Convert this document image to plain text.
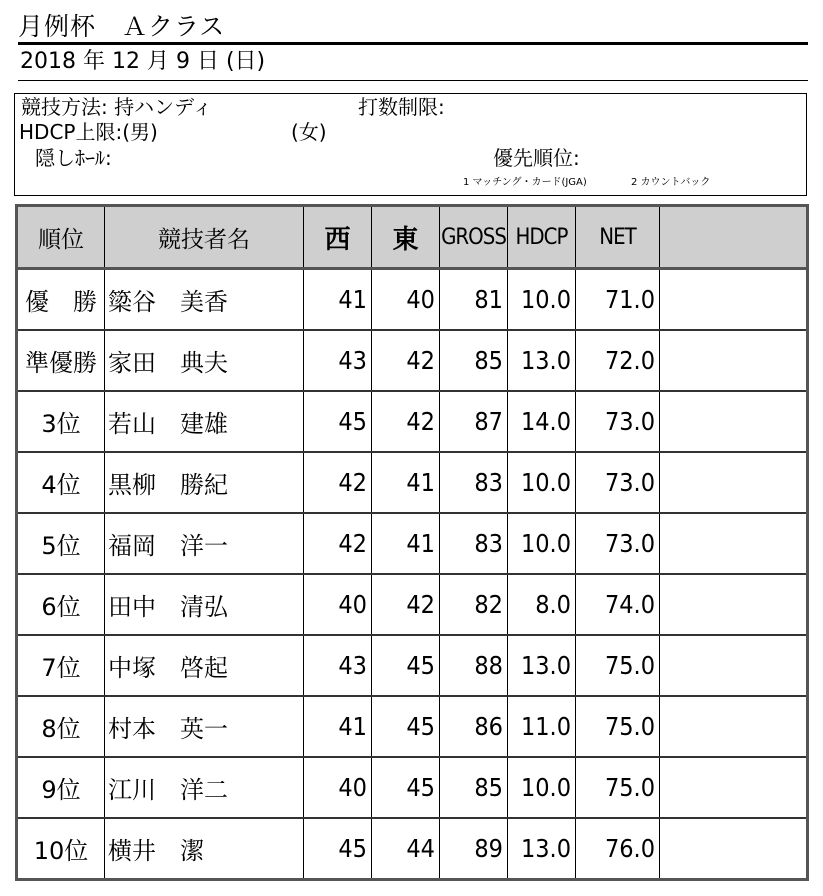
月例杯　Ａクラス
2018 年 12 月 9 日 (日)
競技方法: 持ハンディ	打数制限:
HDCP上限:(男)	(女)
隠しﾎｰﾙ:	優先順位:
1 マッチング・カード(JGA)	2 カウントバック
順位	競技者名	西	東	GROSS	HDCP	NET	
優　勝	簗谷　美香	41	40	81	10.0	71.0	
準優勝	家田　典夫	43	42	85	13.0	72.0	
3位	若山　建雄	45	42	87	14.0	73.0	
4位	黒柳　勝紀	42	41	83	10.0	73.0	
5位	福岡　洋一	42	41	83	10.0	73.0	
6位	田中　清弘	40	42	82	8.0	74.0	
7位	中塚　啓起	43	45	88	13.0	75.0	
8位	村本　英一	41	45	86	11.0	75.0	
9位	江川　洋二	40	45	85	10.0	75.0	
10位	横井　潔	45	44	89	13.0	76.0	
